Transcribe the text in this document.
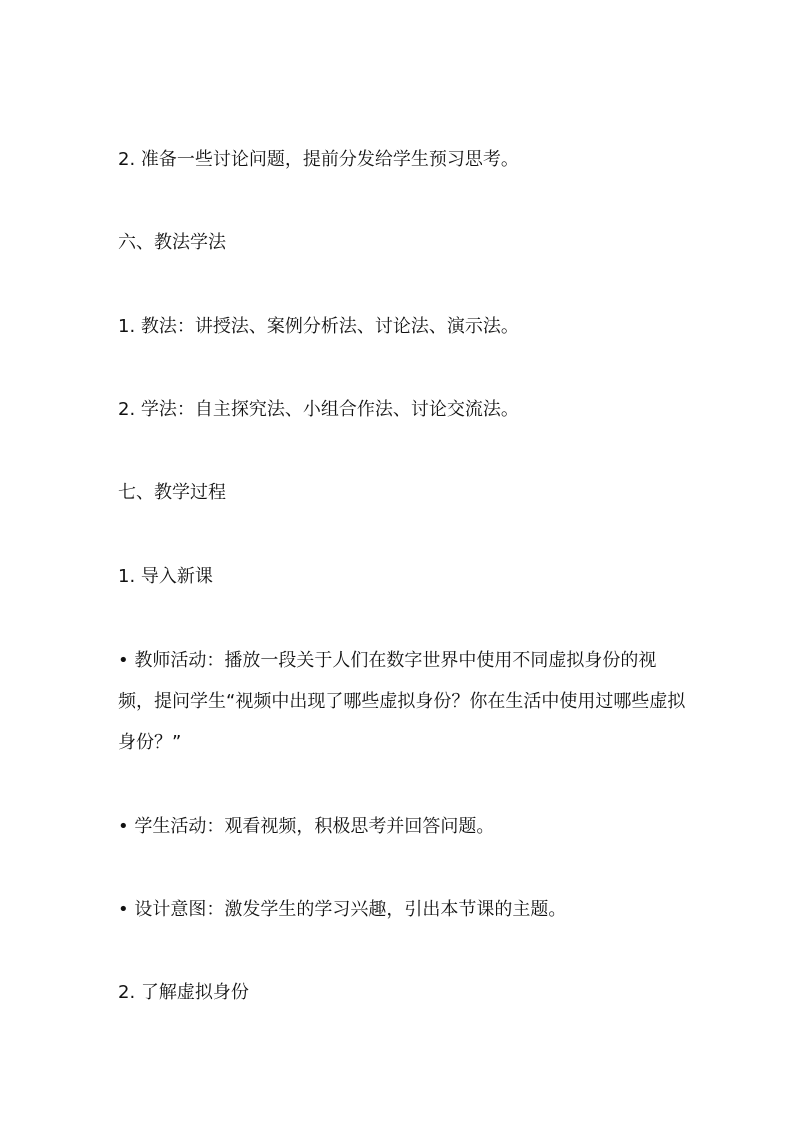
2. 准备一些讨论问题，提前分发给学生预习思考。
六、教法学法
1. 教法：讲授法、案例分析法、讨论法、演示法。
2. 学法：自主探究法、小组合作法、讨论交流法。
七、教学过程
1. 导入新课
• 教师活动：播放一段关于人们在数字世界中使用不同虚拟身份的视频，提问学生“视频中出现了哪些虚拟身份？你在生活中使用过哪些虚拟身份？”
• 学生活动：观看视频，积极思考并回答问题。
• 设计意图：激发学生的学习兴趣，引出本节课的主题。
2. 了解虚拟身份
